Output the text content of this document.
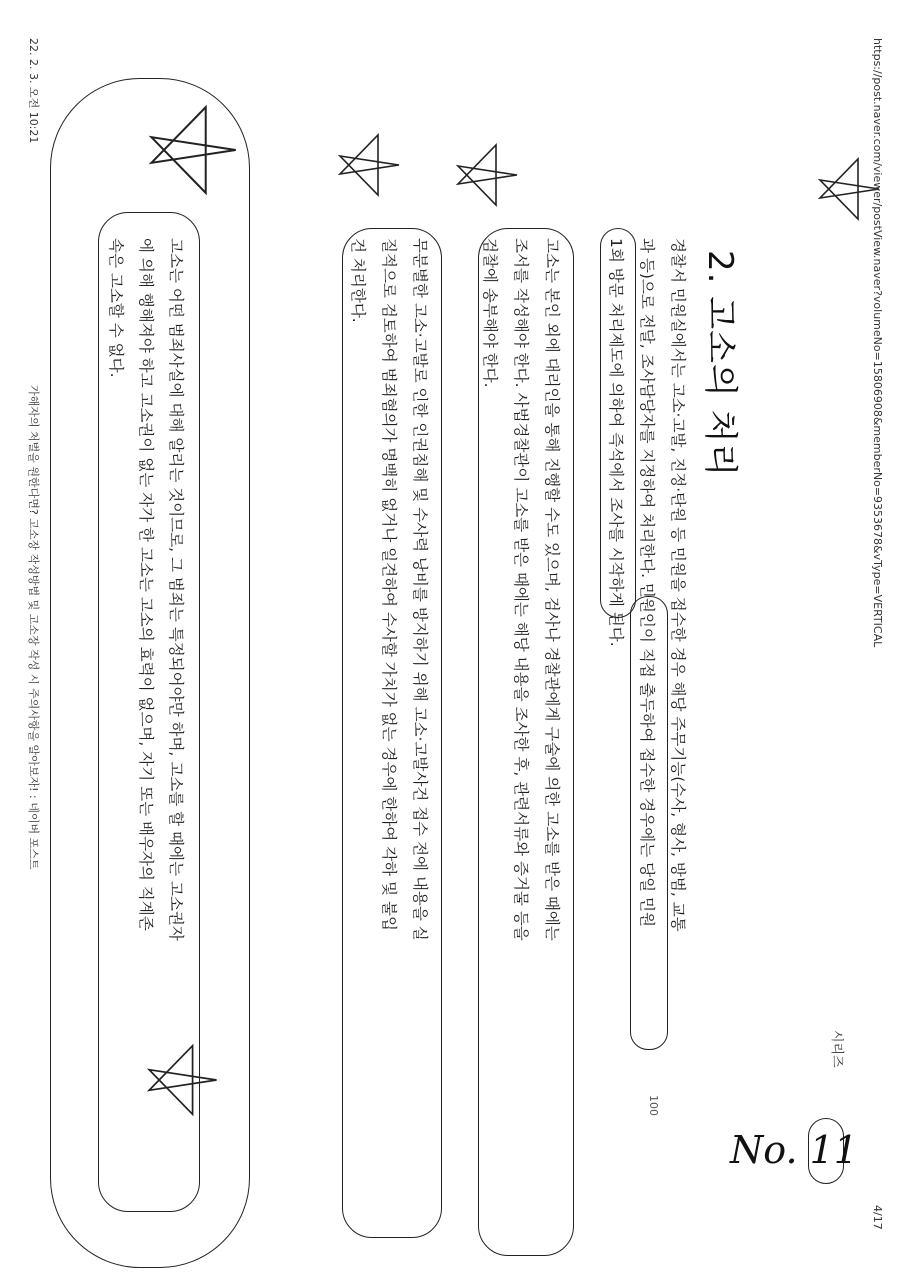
22. 2. 3. 오전 10:21
가해자의 처벌을 원한다면? 고소장 작성방법 및 고소장 작성 시 주의사항을 알아보자! : 네이버 포스트
시리즈
2. 고소의 처리
경찰서 민원실에서는 고소·고발, 진정·탄원 등 민원을 접수한 경우 해당 주무기능(수사, 형사, 방범, 교통
과 등)으로 전달, 조사담당자를 지정하여 처리한다. 민원인이 직접 출두하여 접수한 경우에는 당일 민원
1회 방문 처리제도에 의하여 즉석에서 조사를 시작하게 된다.
고소는 본인 외에 대리인을 통해 진행할 수도 있으며, 검사나 경찰관에게 구술에 의한 고소를 받은 때에는
조서를 작성해야 한다. 사법경찰관이 고소를 받은 때에는 해당 내용을 조사한 후, 관련서류와 증거물 등을
검찰에 송부해야 한다.
무분별한 고소·고발로 인한 인권침해 및 수사력 낭비를 방지하기 위해 고소·고발사건 접수 전에 내용을 실
질적으로 검토하여 범죄혐의가 명백히 없거나 일견하여 수사할 가치가 없는 경우에 한하여 각하 및 불입
건 처리한다.
고소는 어떤 범죄사실에 대해 알리는 것이므로, 그 범죄는 특정되어야만 하며, 고소를 할 때에는 고소권자
에 의해 행해져야 하고 고소권이 없는 자가 한 고소는 고소의 효력이 없으며, 자기 또는 배우자의 직계존
속은 고소할 수 없다.
No. 11
https://post.naver.com/viewer/postView.naver?volumeNo=15806908&memberNo=9353678&vType=VERTICAL
4/17
100
